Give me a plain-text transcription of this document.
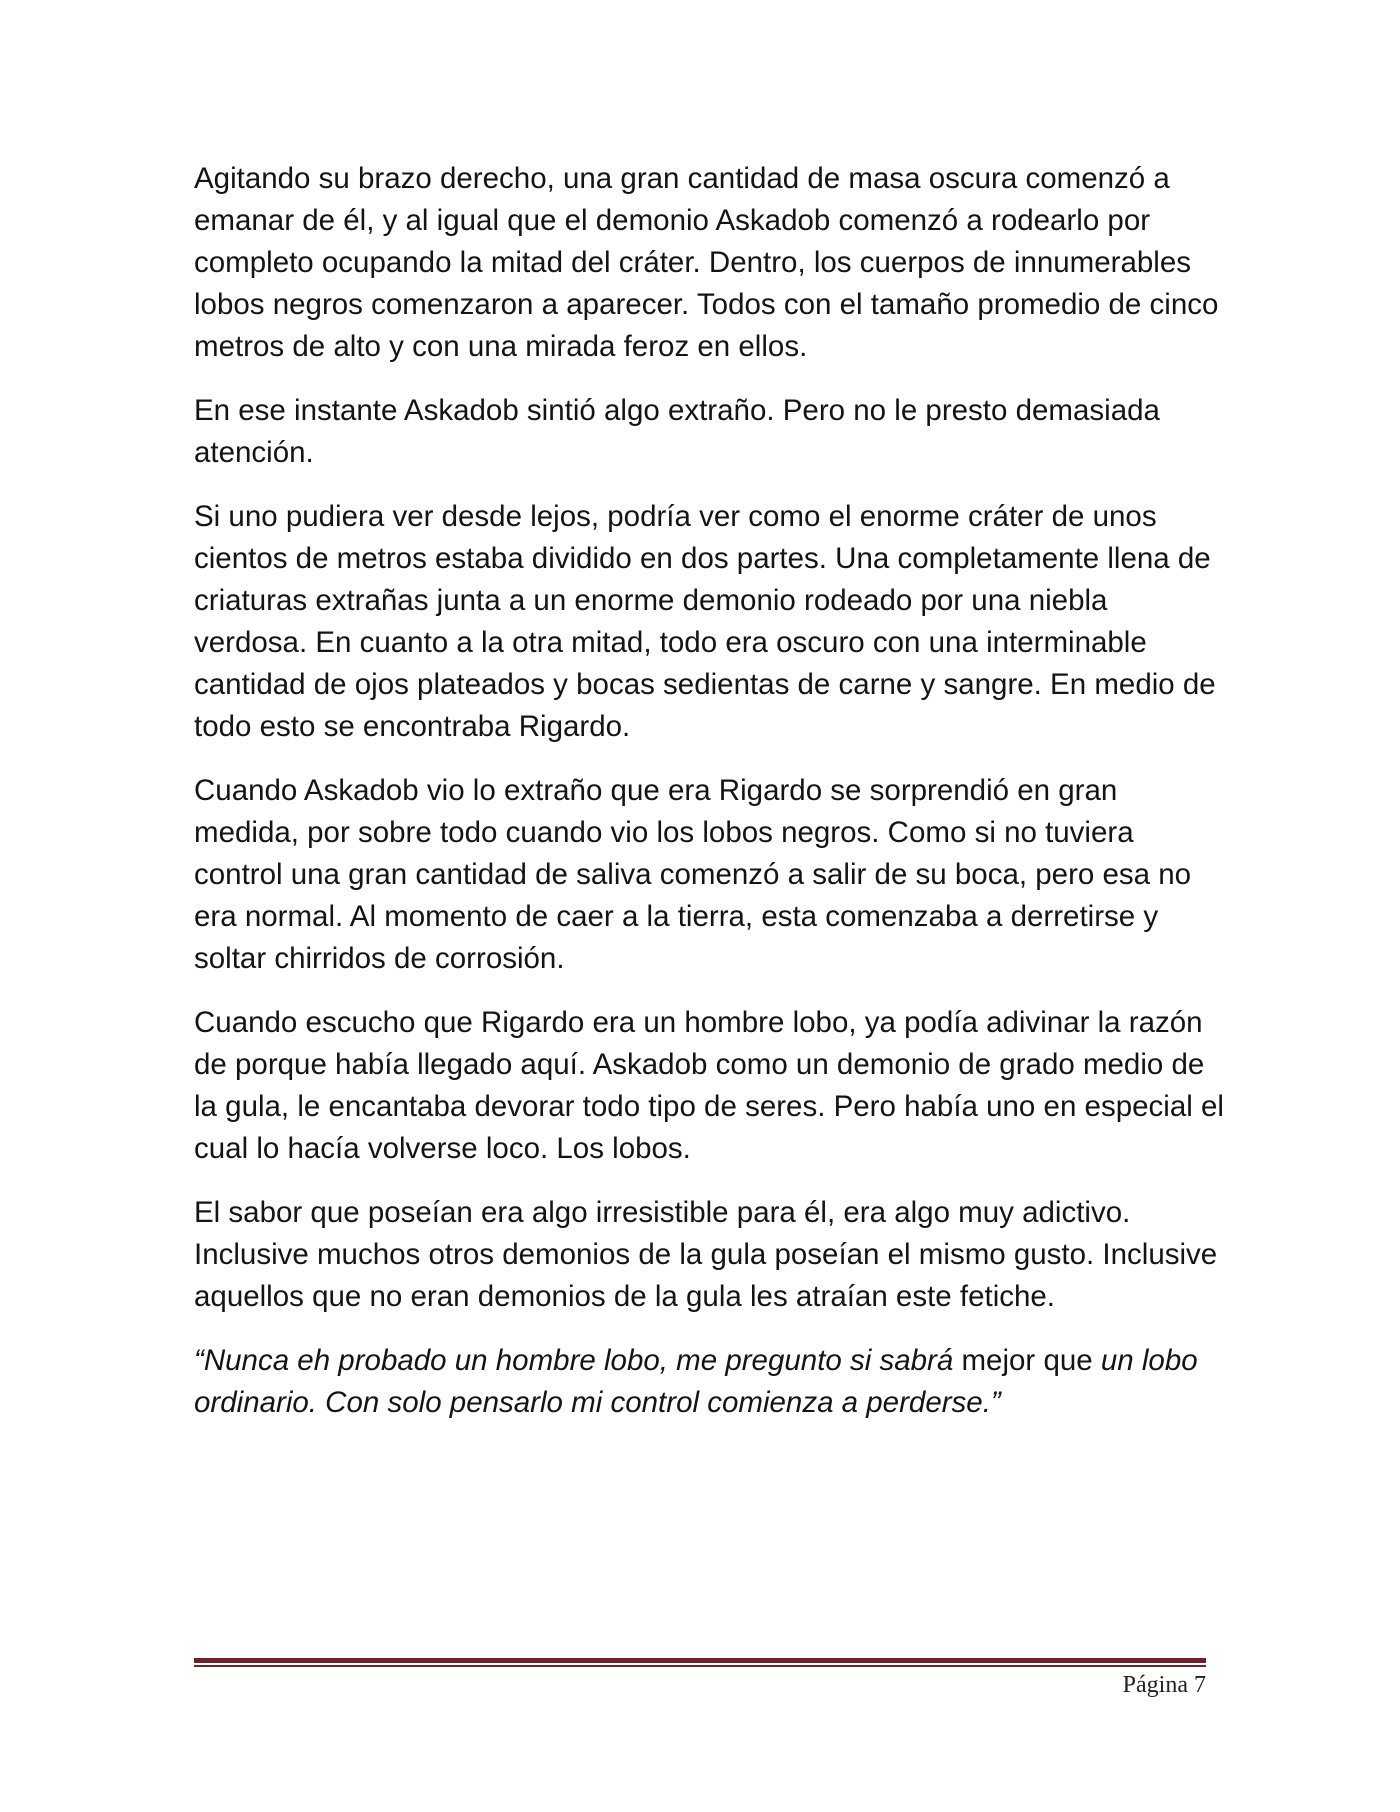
Agitando su brazo derecho, una gran cantidad de masa oscura comenzó a emanar de él, y al igual que el demonio Askadob comenzó a rodearlo por completo ocupando la mitad del cráter. Dentro, los cuerpos de innumerables lobos negros comenzaron a aparecer. Todos con el tamaño promedio de cinco metros de alto y con una mirada feroz en ellos.

En ese instante Askadob sintió algo extraño. Pero no le presto demasiada atención.

Si uno pudiera ver desde lejos, podría ver como el enorme cráter de unos cientos de metros estaba dividido en dos partes. Una completamente llena de criaturas extrañas junta a un enorme demonio rodeado por una niebla verdosa. En cuanto a la otra mitad, todo era oscuro con una interminable cantidad de ojos plateados y bocas sedientas de carne y sangre. En medio de todo esto se encontraba Rigardo.

Cuando Askadob vio lo extraño que era Rigardo se sorprendió en gran medida, por sobre todo cuando vio los lobos negros. Como si no tuviera control una gran cantidad de saliva comenzó a salir de su boca, pero esa no era normal. Al momento de caer a la tierra, esta comenzaba a derretirse y soltar chirridos de corrosión.

Cuando escucho que Rigardo era un hombre lobo, ya podía adivinar la razón de porque había llegado aquí. Askadob como un demonio de grado medio de la gula, le encantaba devorar todo tipo de seres. Pero había uno en especial el cual lo hacía volverse loco. Los lobos.

El sabor que poseían era algo irresistible para él, era algo muy adictivo. Inclusive muchos otros demonios de la gula poseían el mismo gusto. Inclusive aquellos que no eran demonios de la gula les atraían este fetiche.

“Nunca eh probado un hombre lobo, me pregunto si sabrá mejor que un lobo ordinario. Con solo pensarlo mi control comienza a perderse.”

Página 7
